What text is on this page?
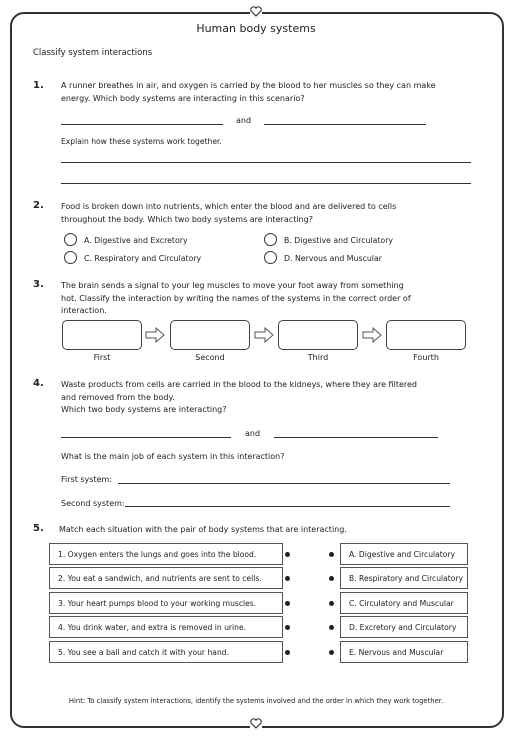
Human body systems
Classify system interactions
1. A runner breathes in air, and oxygen is carried by the blood to her muscles so they can make energy. Which body systems are interacting in this scenario?
and
Explain how these systems work together.
2. Food is broken down into nutrients, which enter the blood and are delivered to cells throughout the body. Which two body systems are interacting?
A. Digestive and Excretory	B. Digestive and Circulatory
C. Respiratory and Circulatory	D. Nervous and Muscular
3. The brain sends a signal to your leg muscles to move your foot away from something hot. Classify the interaction by writing the names of the systems in the correct order of interaction.
First	Second	Third	Fourth
4. Waste products from cells are carried in the blood to the kidneys, where they are filtered and removed from the body.
Which two body systems are interacting?
and
What is the main job of each system in this interaction?
First system:
Second system:
5. Match each situation with the pair of body systems that are interacting.
1. Oxygen enters the lungs and goes into the blood.
2. You eat a sandwich, and nutrients are sent to cells.
3. Your heart pumps blood to your working muscles.
4. You drink water, and extra is removed in urine.
5. You see a ball and catch it with your hand.
A. Digestive and Circulatory
B. Respiratory and Circulatory
C. Circulatory and Muscular
D. Excretory and Circulatory
E. Nervous and Muscular
Hint: To classify system interactions, identify the systems involved and the order in which they work together.
